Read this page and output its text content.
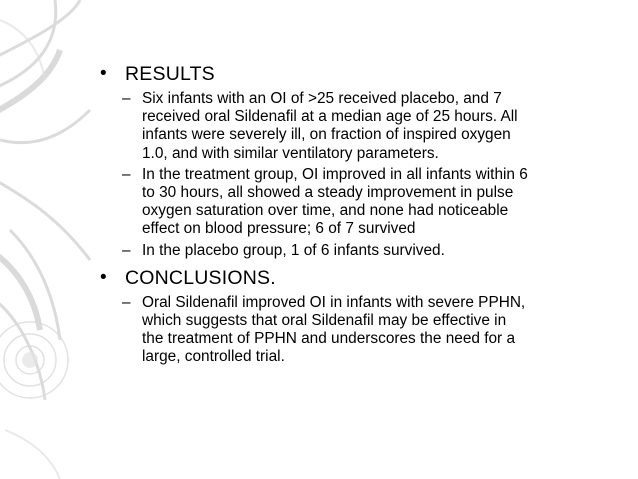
• RESULTS
– Six infants with an OI of >25 received placebo, and 7
received oral Sildenafil at a median age of 25 hours. All
infants were severely ill, on fraction of inspired oxygen
1.0, and with similar ventilatory parameters.
– In the treatment group, OI improved in all infants within 6
to 30 hours, all showed a steady improvement in pulse
oxygen saturation over time, and none had noticeable
effect on blood pressure; 6 of 7 survived
– In the placebo group, 1 of 6 infants survived.
• CONCLUSIONS.
– Oral Sildenafil improved OI in infants with severe PPHN,
which suggests that oral Sildenafil may be effective in
the treatment of PPHN and underscores the need for a
large, controlled trial.
